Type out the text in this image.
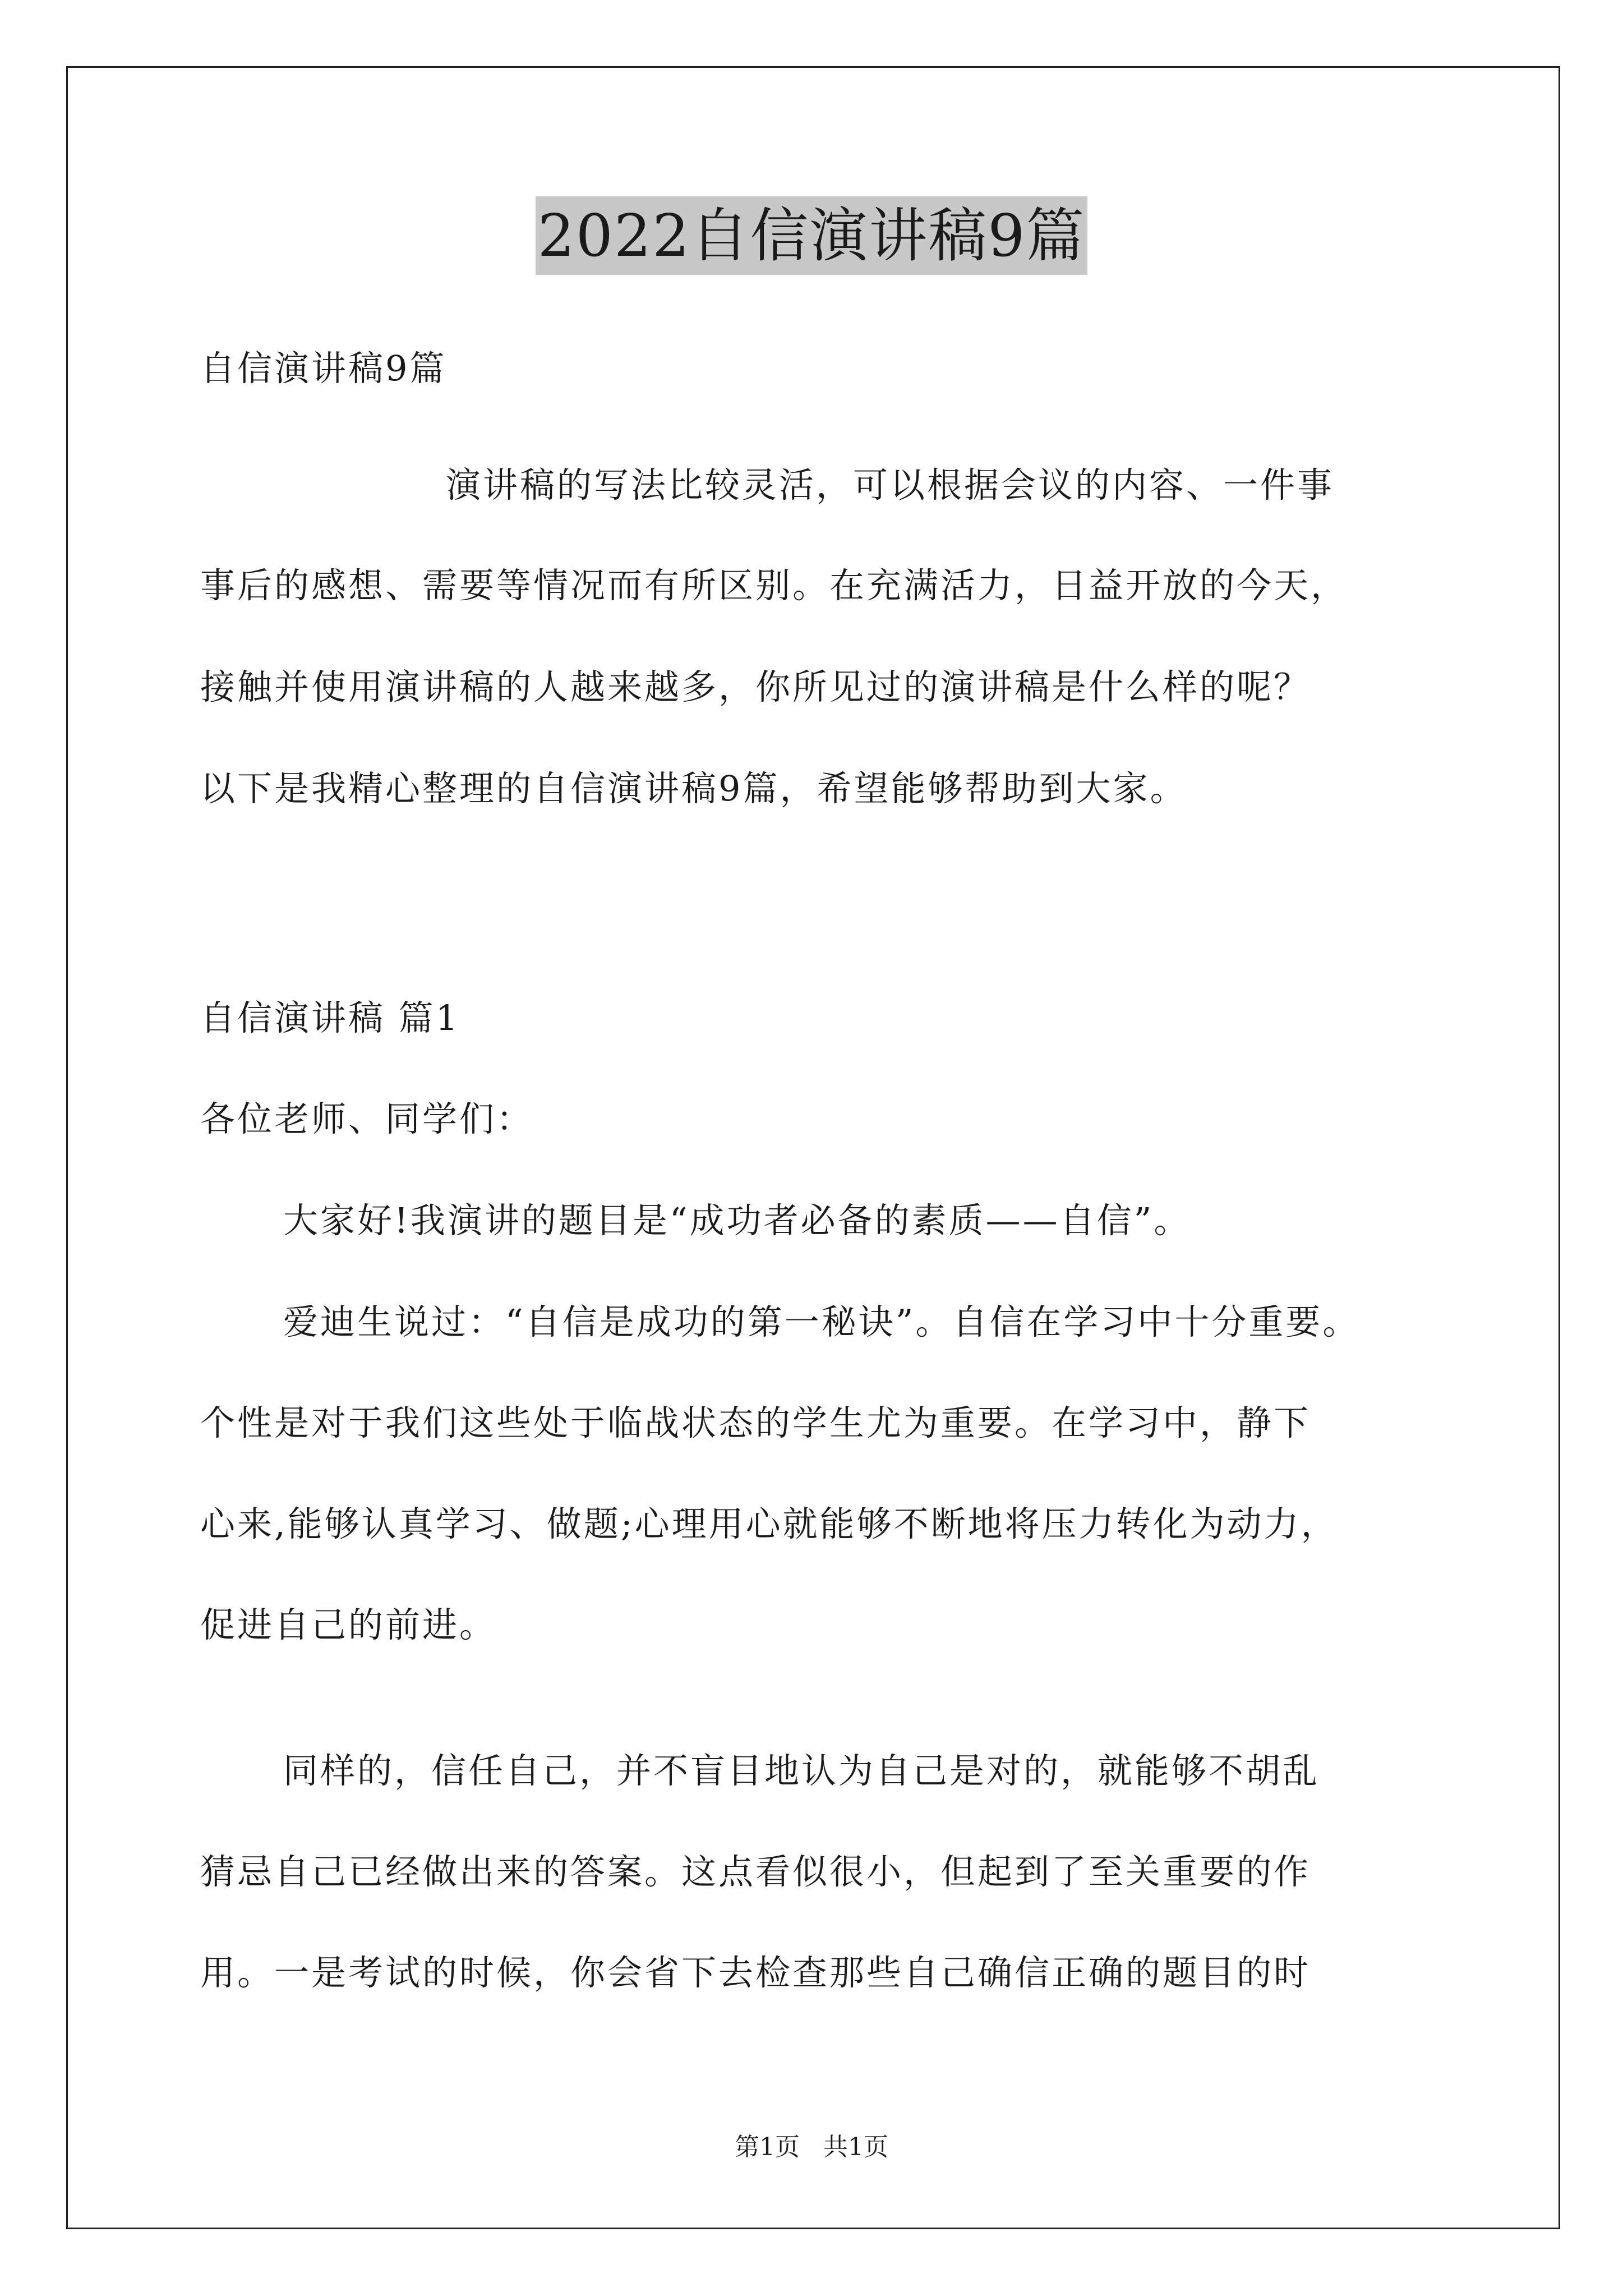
2022自信演讲稿9篇
自信演讲稿9篇
演讲稿的写法比较灵活，可以根据会议的内容、一件事
事后的感想、需要等情况而有所区别。在充满活力，日益开放的今天，
接触并使用演讲稿的人越来越多，你所见过的演讲稿是什么样的呢？
以下是我精心整理的自信演讲稿9篇，希望能够帮助到大家。
自信演讲稿 篇1
各位老师、同学们：
大家好!我演讲的题目是“成功者必备的素质——自信”。
爱迪生说过：“自信是成功的第一秘诀”。自信在学习中十分重要。
个性是对于我们这些处于临战状态的学生尤为重要。在学习中，静下
心来,能够认真学习、做题;心理用心就能够不断地将压力转化为动力，
促进自己的前进。
同样的，信任自己，并不盲目地认为自己是对的，就能够不胡乱
猜忌自己已经做出来的答案。这点看似很小，但起到了至关重要的作
用。一是考试的时候，你会省下去检查那些自己确信正确的题目的时
第1页 共1页
